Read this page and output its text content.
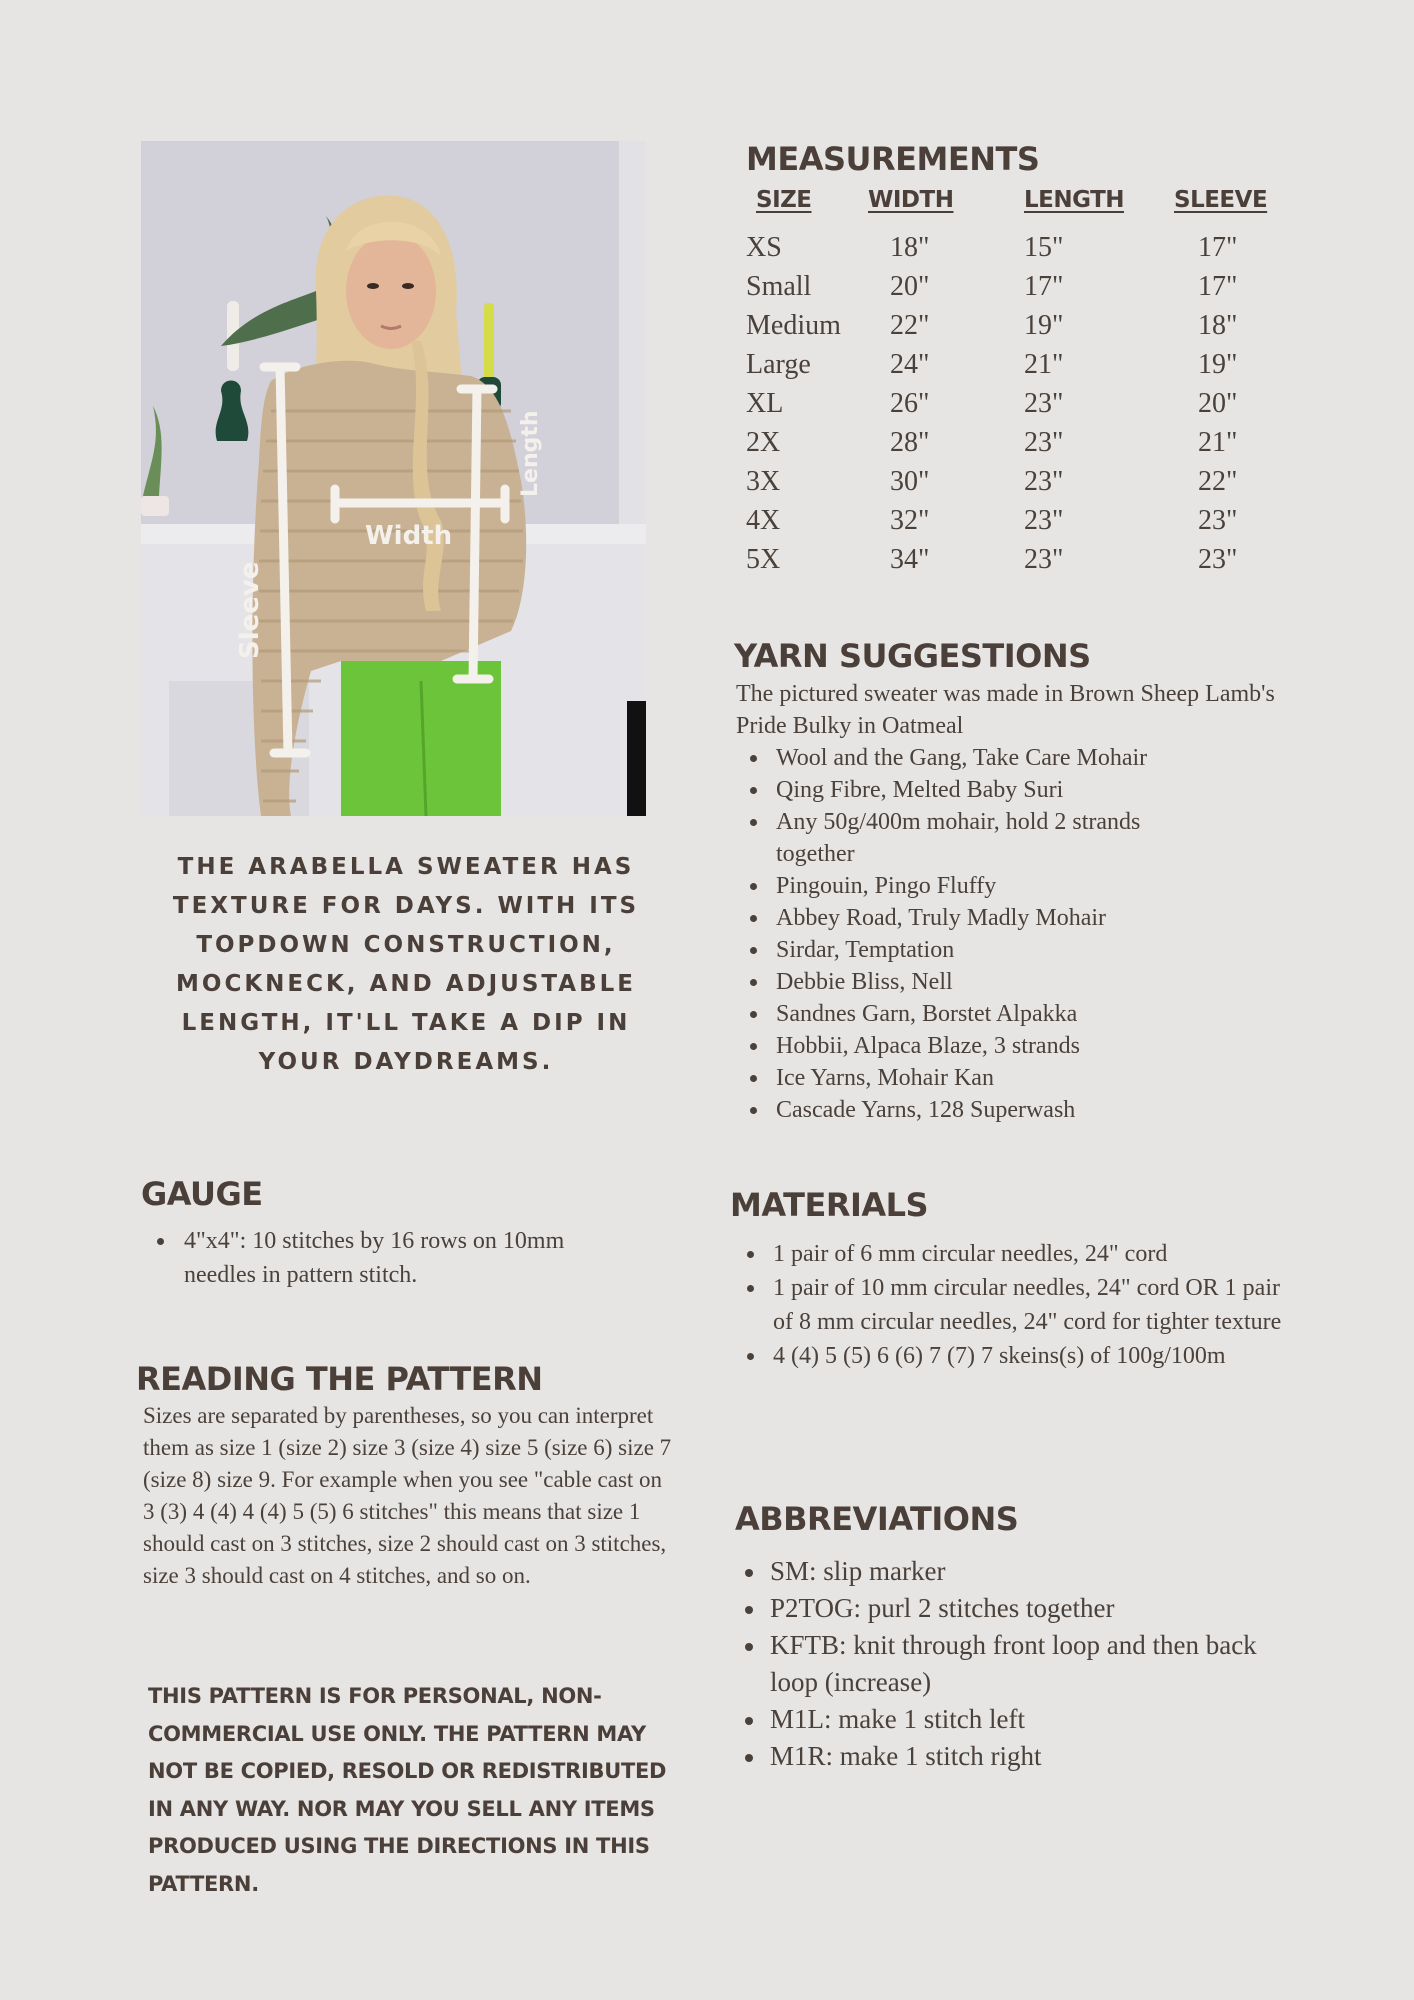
Sleeve
Width
Length
THE ARABELLA SWEATER HAS TEXTURE FOR DAYS. WITH ITS TOPDOWN CONSTRUCTION, MOCKNECK, AND ADJUSTABLE LENGTH, IT'LL TAKE A DIP IN YOUR DAYDREAMS.
MEASUREMENTS
SIZE	WIDTH	LENGTH	SLEEVE
XS	18"	15"	17"
Small	20"	17"	17"
Medium	22"	19"	18"
Large	24"	21"	19"
XL	26"	23"	20"
2X	28"	23"	21"
3X	30"	23"	22"
4X	32"	23"	23"
5X	34"	23"	23"
YARN SUGGESTIONS
The pictured sweater was made in Brown Sheep Lamb's Pride Bulky in Oatmeal
Wool and the Gang, Take Care Mohair
Qing Fibre, Melted Baby Suri
Any 50g/400m mohair, hold 2 strands together
Pingouin, Pingo Fluffy
Abbey Road, Truly Madly Mohair
Sirdar, Temptation
Debbie Bliss, Nell
Sandnes Garn, Borstet Alpakka
Hobbii, Alpaca Blaze, 3 strands
Ice Yarns, Mohair Kan
Cascade Yarns, 128 Superwash
GAUGE
4"x4": 10 stitches by 16 rows on 10mm needles in pattern stitch.
READING THE PATTERN
Sizes are separated by parentheses, so you can interpret them as size 1 (size 2) size 3 (size 4) size 5 (size 6) size 7 (size 8) size 9. For example when you see "cable cast on 3 (3) 4 (4) 4 (4) 5 (5) 6 stitches" this means that size 1 should cast on 3 stitches, size 2 should cast on 3 stitches, size 3 should cast on 4 stitches, and so on.
THIS PATTERN IS FOR PERSONAL, NON-COMMERCIAL USE ONLY. THE PATTERN MAY NOT BE COPIED, RESOLD OR REDISTRIBUTED IN ANY WAY. NOR MAY YOU SELL ANY ITEMS PRODUCED USING THE DIRECTIONS IN THIS PATTERN.
MATERIALS
1 pair of 6 mm circular needles, 24" cord
1 pair of 10 mm circular needles, 24" cord OR 1 pair of 8 mm circular needles, 24" cord for tighter texture
4 (4) 5 (5) 6 (6) 7 (7) 7 skeins(s) of 100g/100m
ABBREVIATIONS
SM: slip marker
P2TOG: purl 2 stitches together
KFTB: knit through front loop and then back loop (increase)
M1L: make 1 stitch left
M1R: make 1 stitch right
